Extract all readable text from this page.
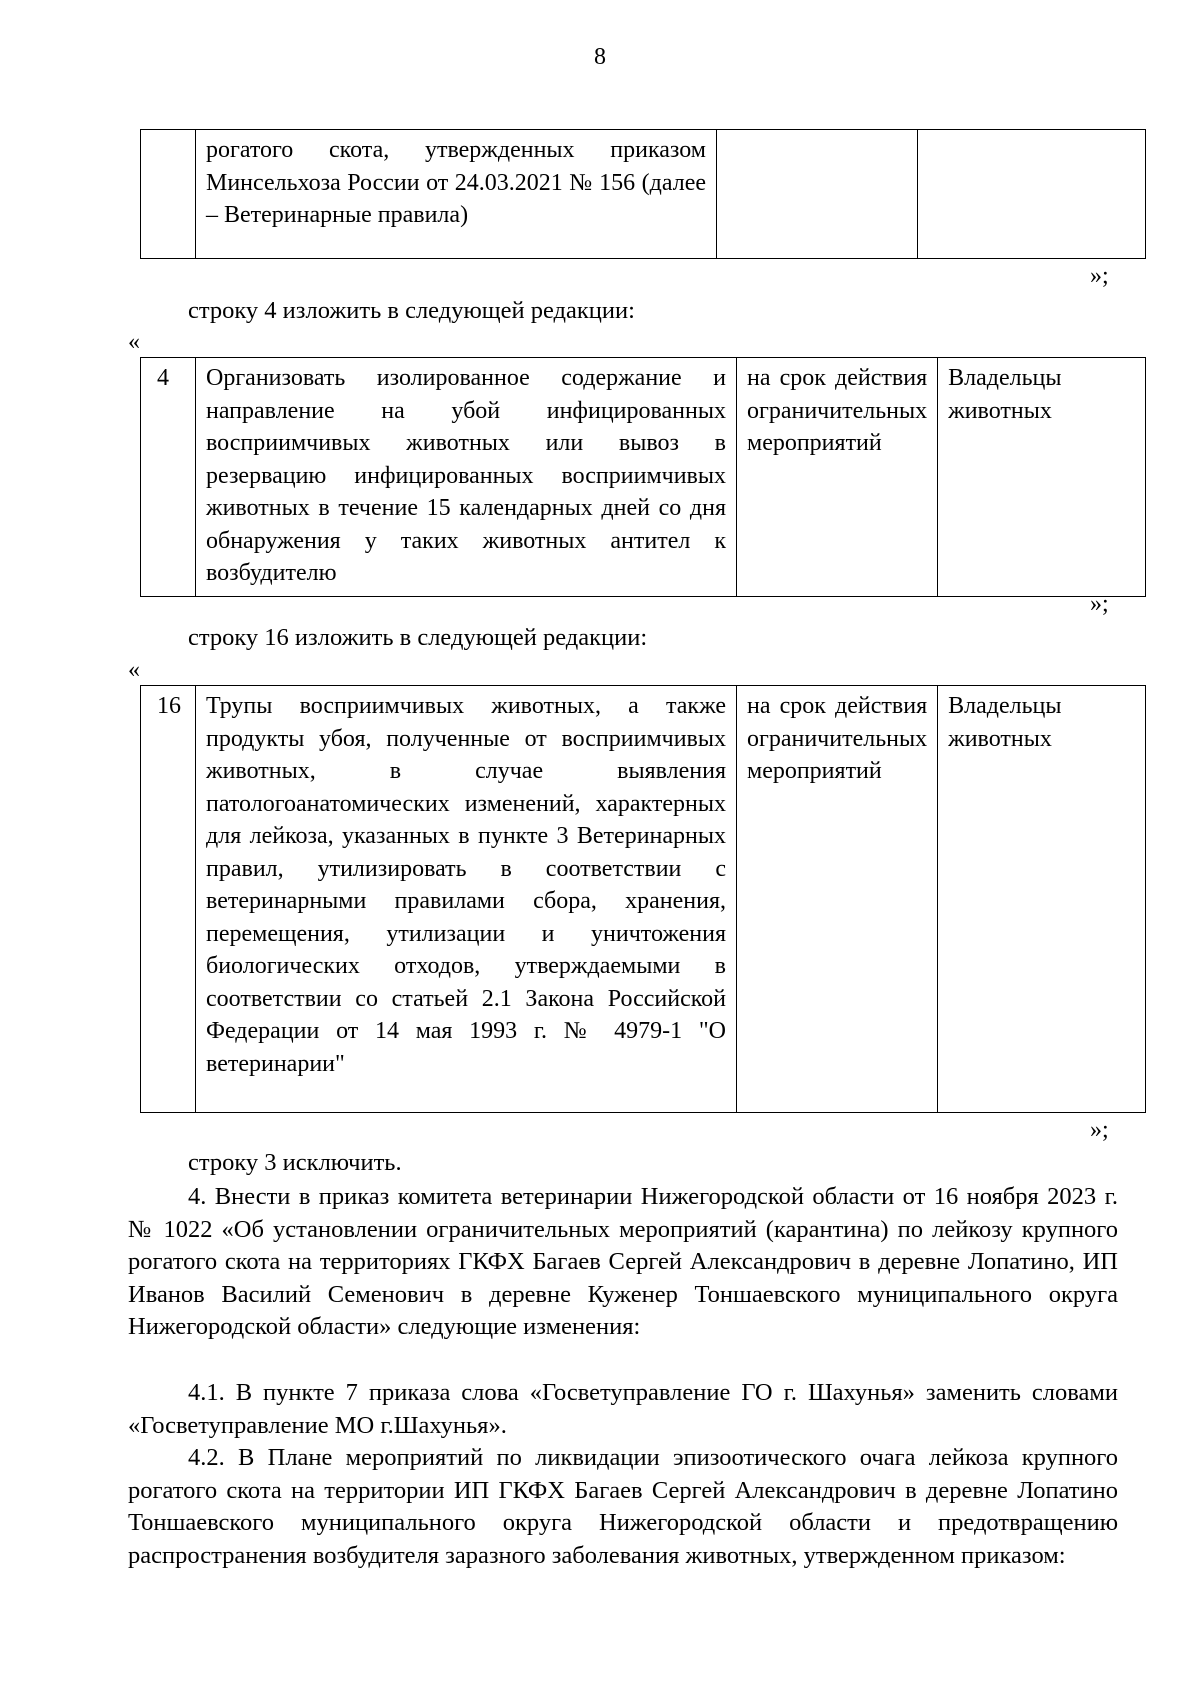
8
	рогатого скота, утвержденных приказом Минсельхоза России от 24.03.2021 № 156 (далее – Ветеринарные правила)		
»;
строку 4 изложить в следующей редакции:
«
4	Организовать изолированное содержание и направление на убой инфицированных восприимчивых животных или вывоз в резервацию инфицированных восприимчивых животных в течение 15 календарных дней со дня обнаружения у таких животных антител к возбудителю	на срок действия ограничительных мероприятий	Владельцы животных
»;
строку 16 изложить в следующей редакции:
«
16	Трупы восприимчивых животных, а также продукты убоя, полученные от восприимчивых животных, в случае выявления патологоанатомических изменений, характерных для лейкоза, указанных в пункте 3 Ветеринарных правил, утилизировать в соответствии с ветеринарными правилами сбора, хранения, перемещения, утилизации и уничтожения биологических отходов, утверждаемыми в соответствии со статьей 2.1 Закона Российской Федерации от 14 мая 1993 г. № 4979-1 "О ветеринарии"	на срок действия ограничительных мероприятий	Владельцы животных
»;
строку 3 исключить.
4. Внести в приказ комитета ветеринарии Нижегородской области от 16 ноября 2023 г. № 1022 «Об установлении ограничительных мероприятий (карантина) по лейкозу крупного рогатого скота на территориях ГКФХ Багаев Сергей Александрович в деревне Лопатино, ИП Иванов Василий Семенович в деревне Куженер Тоншаевского муниципального округа Нижегородской области» следующие изменения:
4.1. В пункте 7 приказа слова «Госветуправление ГО г. Шахунья» заменить словами «Госветуправление МО г.Шахунья».
4.2. В Плане мероприятий по ликвидации эпизоотического очага лейкоза крупного рогатого скота на территории ИП ГКФХ Багаев Сергей Александрович в деревне Лопатино Тоншаевского муниципального округа Нижегородской области и предотвращению распространения возбудителя заразного заболевания животных, утвержденном приказом:
